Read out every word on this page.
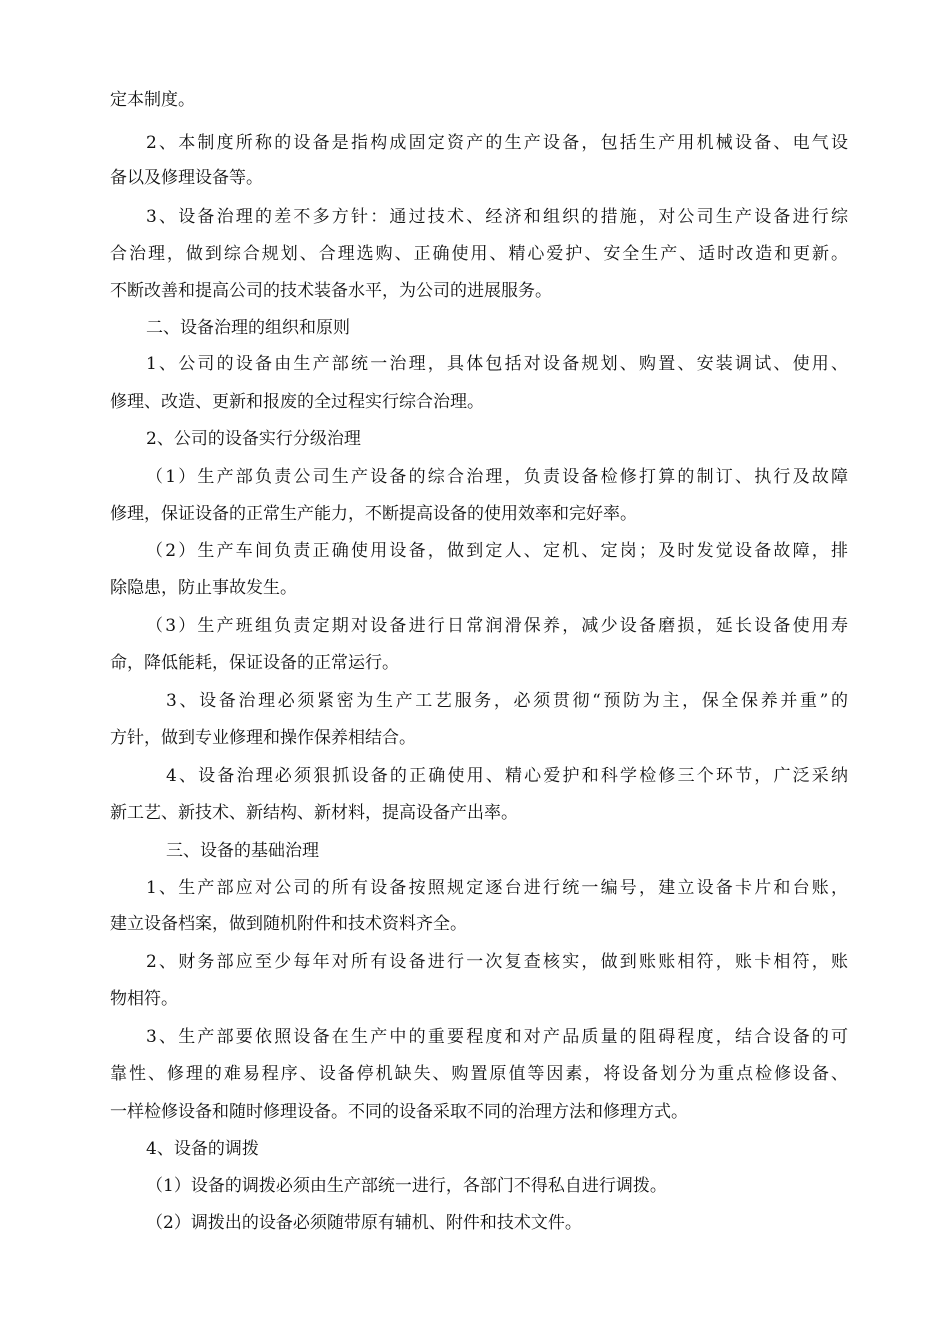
定本制度。
2、本制度所称的设备是指构成固定资产的生产设备，包括生产用机械设备、电气设
备以及修理设备等。
3、设备治理的差不多方针：通过技术、经济和组织的措施，对公司生产设备进行综
合治理，做到综合规划、合理选购、正确使用、精心爱护、安全生产、适时改造和更新。
不断改善和提高公司的技术装备水平，为公司的进展服务。
二、设备治理的组织和原则
1、公司的设备由生产部统一治理，具体包括对设备规划、购置、安装调试、使用、
修理、改造、更新和报废的全过程实行综合治理。
2、公司的设备实行分级治理
（1）生产部负责公司生产设备的综合治理，负责设备检修打算的制订、执行及故障
修理，保证设备的正常生产能力，不断提高设备的使用效率和完好率。
（2）生产车间负责正确使用设备，做到定人、定机、定岗；及时发觉设备故障，排
除隐患，防止事故发生。
（3）生产班组负责定期对设备进行日常润滑保养，减少设备磨损，延长设备使用寿
命，降低能耗，保证设备的正常运行。
3、设备治理必须紧密为生产工艺服务，必须贯彻“预防为主，保全保养并重”的
方针，做到专业修理和操作保养相结合。
4、设备治理必须狠抓设备的正确使用、精心爱护和科学检修三个环节，广泛采纳
新工艺、新技术、新结构、新材料，提高设备产出率。
三、设备的基础治理
1、生产部应对公司的所有设备按照规定逐台进行统一编号，建立设备卡片和台账，
建立设备档案，做到随机附件和技术资料齐全。
2、财务部应至少每年对所有设备进行一次复查核实，做到账账相符，账卡相符，账
物相符。
3、生产部要依照设备在生产中的重要程度和对产品质量的阻碍程度，结合设备的可
靠性、修理的难易程序、设备停机缺失、购置原值等因素，将设备划分为重点检修设备、
一样检修设备和随时修理设备。不同的设备采取不同的治理方法和修理方式。
4、设备的调拨
（1）设备的调拨必须由生产部统一进行，各部门不得私自进行调拨。
（2）调拨出的设备必须随带原有辅机、附件和技术文件。
